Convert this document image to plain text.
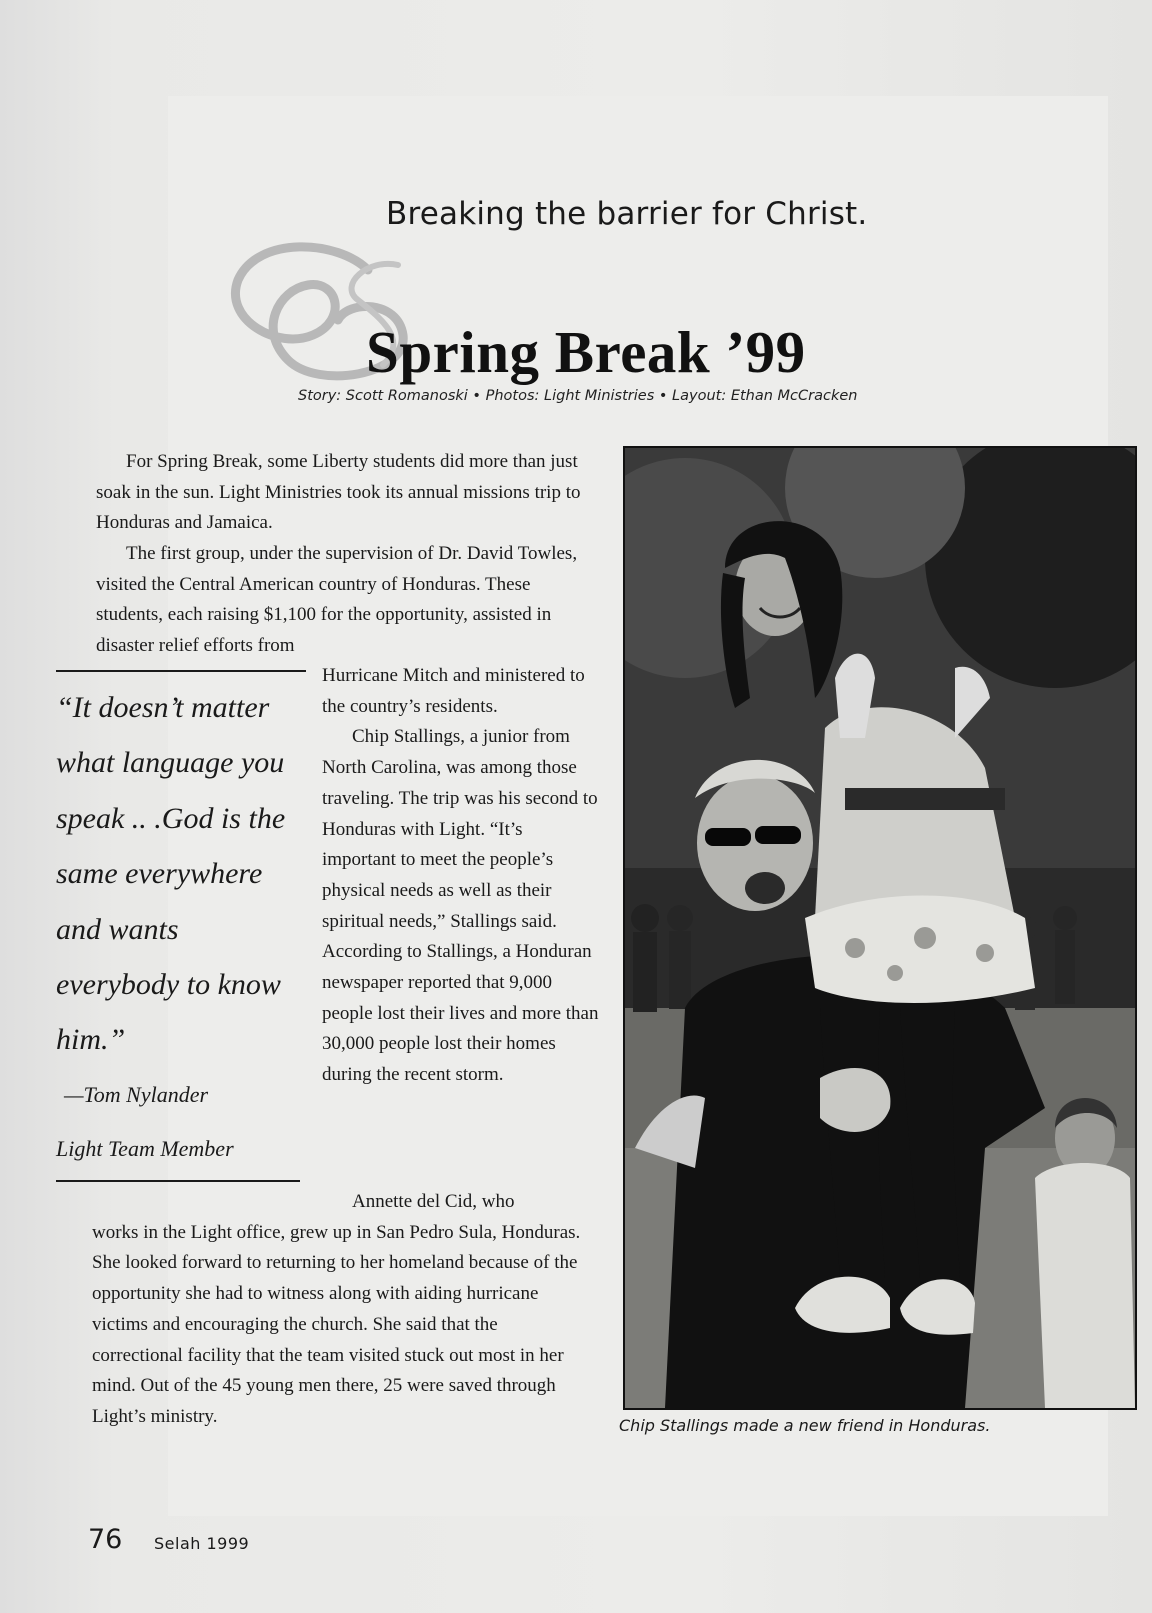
Breaking the barrier for Christ.
Spring Break ’99
Story: Scott Romanoski • Photos: Light Ministries • Layout: Ethan McCracken

For Spring Break, some Liberty students did more than just soak in the sun. Light Ministries took its annual missions trip to Honduras and Jamaica.

The first group, under the supervision of Dr. David Towles, visited the Central American country of Honduras. These students, each raising $1,100 for the opportunity, assisted in disaster relief efforts from

“It doesn’t matter what language you speak .. .God is the same everywhere and wants everybody to know him.”

—Tom Nylander
Light Team Member

Hurricane Mitch and ministered to the country’s residents.

Chip Stallings, a junior from North Carolina, was among those traveling. The trip was his second to Honduras with Light. “It’s important to meet the people’s physical needs as well as their spiritual needs,” Stallings said. According to Stallings, a Honduran newspaper reported that 9,000 people lost their lives and more than 30,000 people lost their homes during the recent storm.

Annette del Cid, who
works in the Light office, grew up in San Pedro Sula, Honduras. She looked forward to returning to her homeland because of the opportunity she had to witness along with aiding hurricane victims and encouraging the church. She said that the correctional facility that the team visited stuck out most in her mind. Out of the 45 young men there, 25 were saved through Light’s ministry.	Chip Stallings made a new friend in Honduras.
76 Selah 1999
